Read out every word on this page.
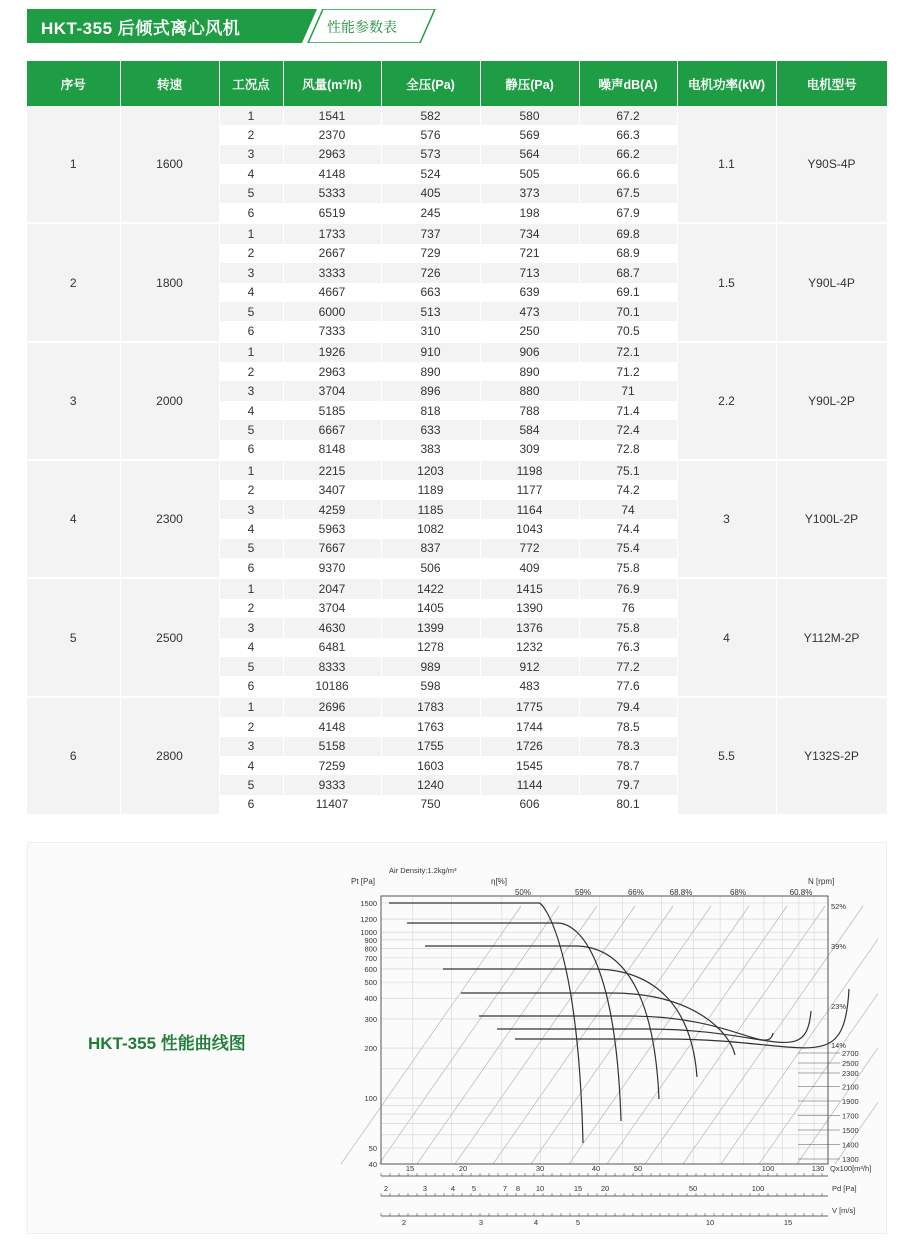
HKT-355 后倾式离心风机	性能参数表
序号	转速	工况点	风量(m³/h)	全压(Pa)	静压(Pa)	噪声dB(A)	电机功率(kW)	电机型号
1	1600	1	1541	582	580	67.2	1.1	Y90S-4P
		2	2370	576	569	66.3		
		3	2963	573	564	66.2		
		4	4148	524	505	66.6		
		5	5333	405	373	67.5		
		6	6519	245	198	67.9		
2	1800	1	1733	737	734	69.8	1.5	Y90L-4P
		2	2667	729	721	68.9		
		3	3333	726	713	68.7		
		4	4667	663	639	69.1		
		5	6000	513	473	70.1		
		6	7333	310	250	70.5		
3	2000	1	1926	910	906	72.1	2.2	Y90L-2P
		2	2963	890	890	71.2		
		3	3704	896	880	71		
		4	5185	818	788	71.4		
		5	6667	633	584	72.4		
		6	8148	383	309	72.8		
4	2300	1	2215	1203	1198	75.1	3	Y100L-2P
		2	3407	1189	1177	74.2		
		3	4259	1185	1164	74		
		4	5963	1082	1043	74.4		
		5	7667	837	772	75.4		
		6	9370	506	409	75.8		
5	2500	1	2047	1422	1415	76.9	4	Y112M-2P
		2	3704	1405	1390	76		
		3	4630	1399	1376	75.8		
		4	6481	1278	1232	76.3		
		5	8333	989	912	77.2		
		6	10186	598	483	77.6		
6	2800	1	2696	1783	1775	79.4	5.5	Y132S-2P
		2	4148	1763	1744	78.5		
		3	5158	1755	1726	78.3		
		4	7259	1603	1545	78.7		
		5	9333	1240	1144	79.7		
		6	11407	750	606	80.1		
HKT-355 性能曲线图
Air Density:1.2kg/m³
Pt [Pa]	η[%]	N [rpm]
1500
1200
1000
900
800
700
600
500
400
300
200
100
50
40
50%	59%	66%	68.8%	68%	60.8%
52%
39%
23%
14%
2700
2500
2300
2100
1900
1700
1500
1400
1300
15	20	30	40	50	100	130 Qx100[m³/h]
2	3	4 5	7 8 10	15 20	50	100	Pd [Pa]
2	3	4	5	10	15
V [m/s]
